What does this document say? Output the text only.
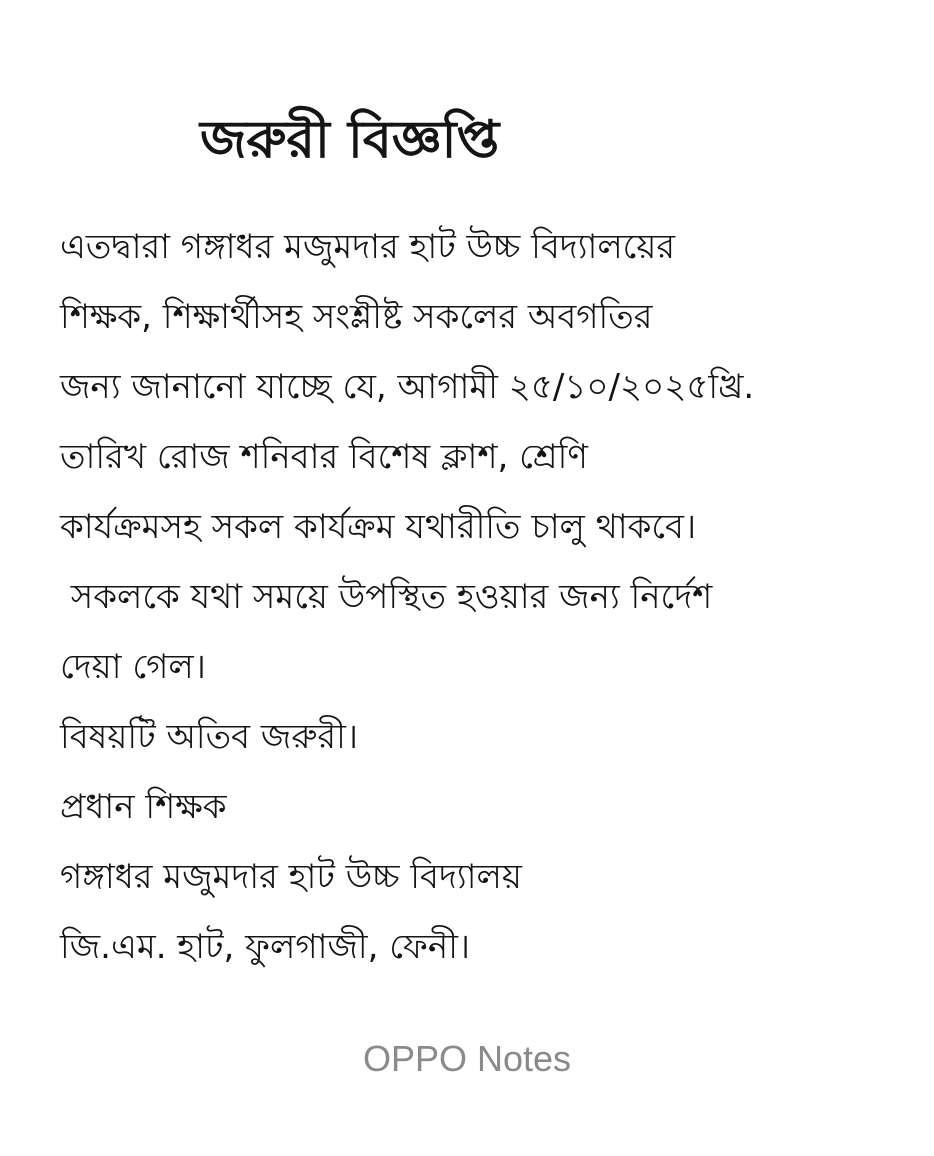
জরুরী বিজ্ঞপ্তি
এতদ্বারা গঙ্গাধর মজুমদার হাট উচ্চ বিদ্যালয়ের
শিক্ষক, শিক্ষার্থীসহ সংশ্লীষ্ট সকলের অবগতির
জন্য জানানো যাচ্ছে যে, আগামী ২৫/১০/২০২৫খ্রি.
তারিখ রোজ শনিবার বিশেষ ক্লাশ, শ্রেণি
কার্যক্রমসহ সকল কার্যক্রম যথারীতি চালু থাকবে।
সকলকে যথা সময়ে উপস্থিত হওয়ার জন্য নির্দেশ
দেয়া গেল।
বিষয়টি অতিব জরুরী।
প্রধান শিক্ষক
গঙ্গাধর মজুমদার হাট উচ্চ বিদ্যালয়
জি.এম. হাট, ফুলগাজী, ফেনী।
OPPO Notes
